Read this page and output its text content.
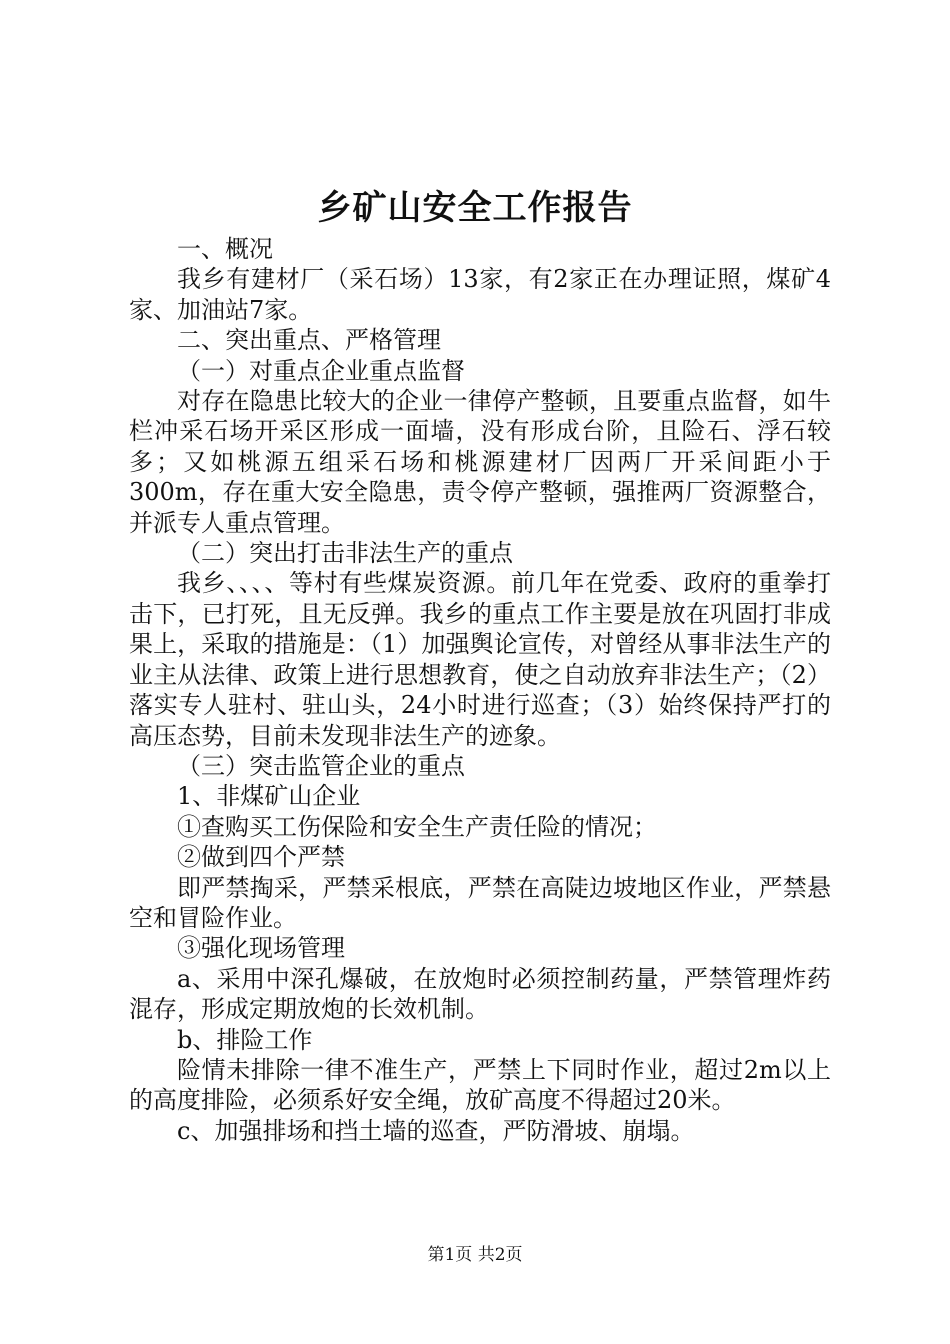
乡矿山安全工作报告

一、概况

我乡有建材厂（采石场）13家，有2家正在办理证照，煤矿4家、加油站7家。

二、突出重点、严格管理

（一）对重点企业重点监督

对存在隐患比较大的企业一律停产整顿，且要重点监督，如牛栏冲采石场开采区形成一面墙，没有形成台阶，且险石、浮石较多；又如桃源五组采石场和桃源建材厂因两厂开采间距小于300m，存在重大安全隐患，责令停产整顿，强推两厂资源整合，并派专人重点管理。

（二）突出打击非法生产的重点

我乡、、、、等村有些煤炭资源。前几年在党委、政府的重拳打击下，已打死，且无反弹。我乡的重点工作主要是放在巩固打非成果上，采取的措施是：（1）加强舆论宣传，对曾经从事非法生产的业主从法律、政策上进行思想教育，使之自动放弃非法生产；（2）落实专人驻村、驻山头，24小时进行巡查；（3）始终保持严打的高压态势，目前未发现非法生产的迹象。

（三）突击监管企业的重点

1、非煤矿山企业

①查购买工伤保险和安全生产责任险的情况；

②做到四个严禁

即严禁掏采，严禁采根底，严禁在高陡边坡地区作业，严禁悬空和冒险作业。

③强化现场管理

a、采用中深孔爆破，在放炮时必须控制药量，严禁管理炸药混存，形成定期放炮的长效机制。

b、排险工作

险情未排除一律不准生产，严禁上下同时作业，超过2m以上的高度排险，必须系好安全绳，放矿高度不得超过20米。

c、加强排场和挡土墙的巡查，严防滑坡、崩塌。

第1页 共2页
